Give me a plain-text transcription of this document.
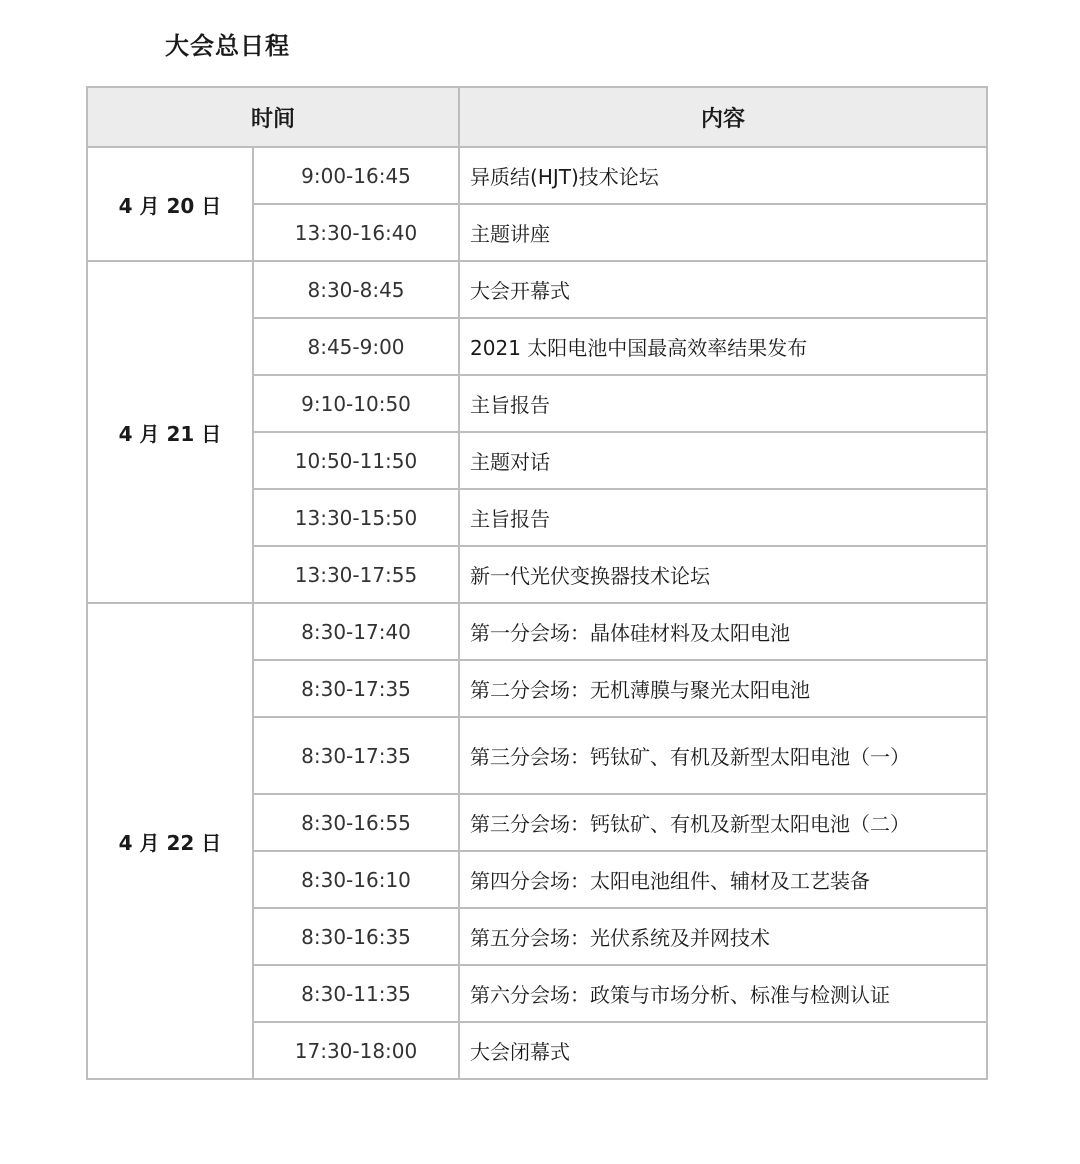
大会总日程
时间		内容
4 月 20 日	9:00-16:45	异质结(HJT)技术论坛
	13:30-16:40	主题讲座
4 月 21 日	8:30-8:45	大会开幕式
	8:45-9:00	2021 太阳电池中国最高效率结果发布
	9:10-10:50	主旨报告
	10:50-11:50	主题对话
	13:30-15:50	主旨报告
	13:30-17:55	新一代光伏变换器技术论坛
4 月 22 日	8:30-17:40	第一分会场：晶体硅材料及太阳电池
	8:30-17:35	第二分会场：无机薄膜与聚光太阳电池
	8:30-17:35	第三分会场：钙钛矿、有机及新型太阳电池（一）
	8:30-16:55	第三分会场：钙钛矿、有机及新型太阳电池（二）
	8:30-16:10	第四分会场：太阳电池组件、辅材及工艺装备
	8:30-16:35	第五分会场：光伏系统及并网技术
	8:30-11:35	第六分会场：政策与市场分析、标准与检测认证
	17:30-18:00	大会闭幕式
